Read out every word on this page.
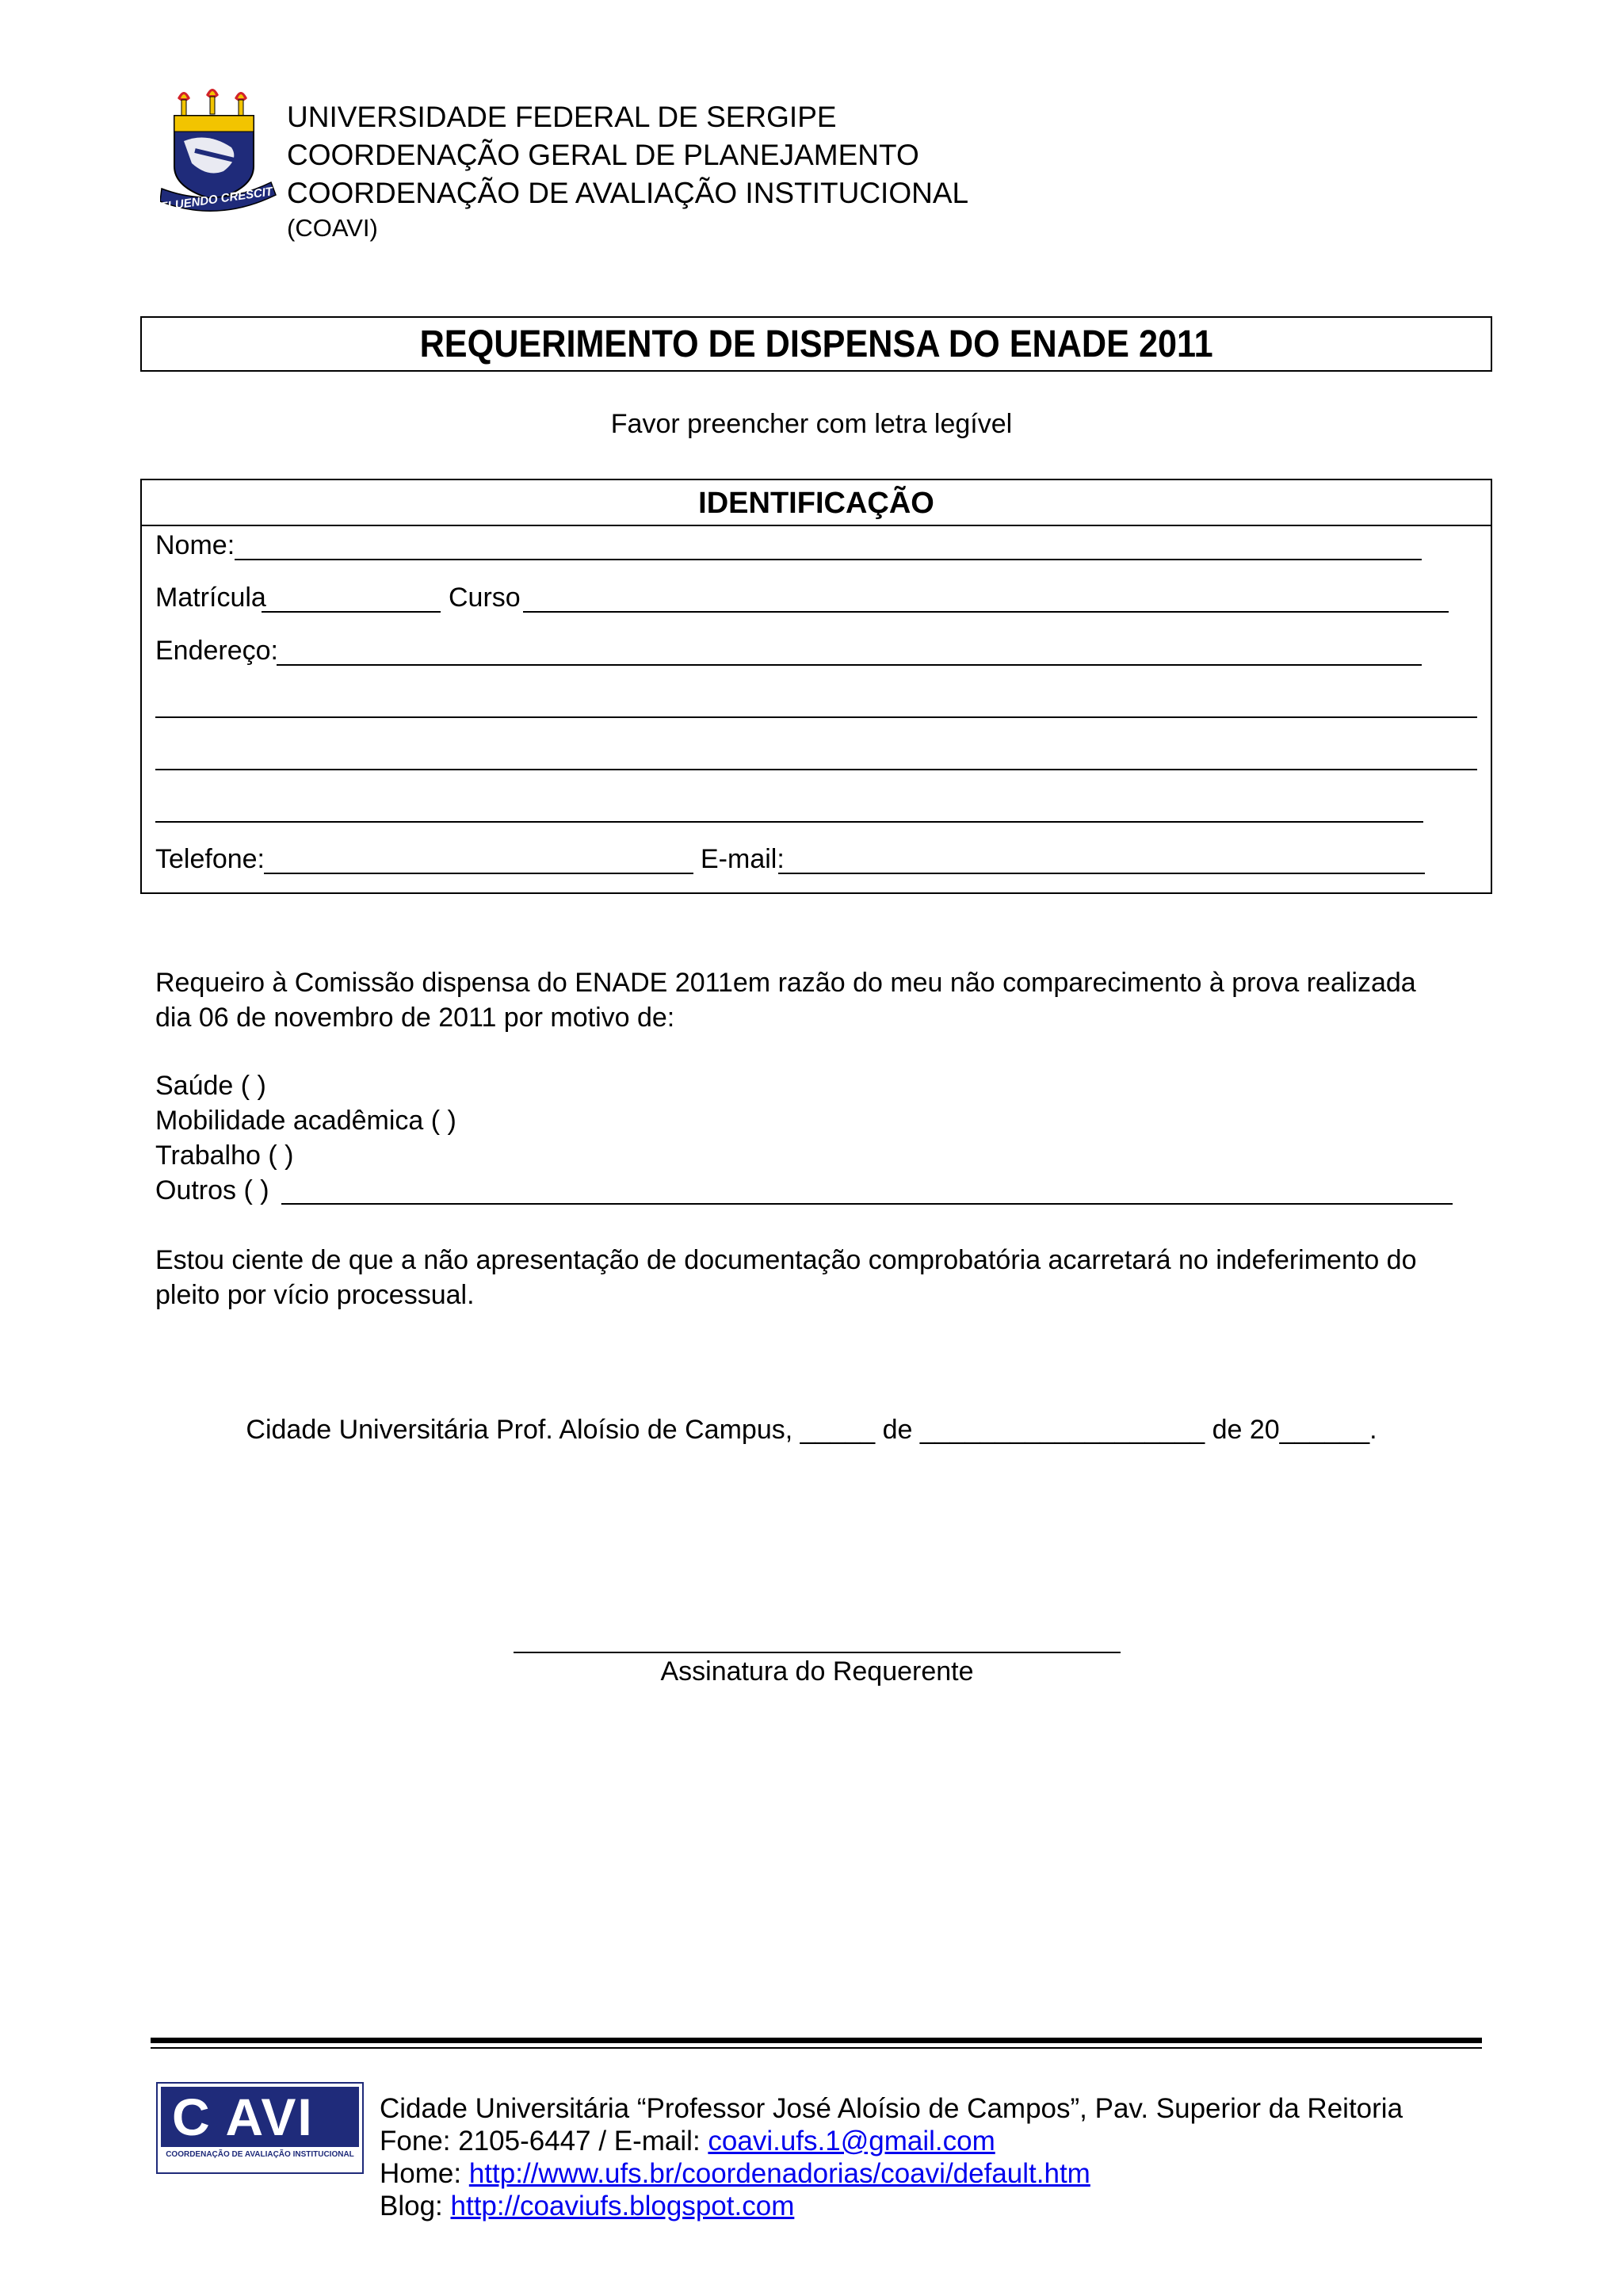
FLUENDO CRESCIT
UNIVERSIDADE FEDERAL DE SERGIPE
COORDENAÇÃO GERAL DE PLANEJAMENTO
COORDENAÇÃO DE AVALIAÇÃO INSTITUCIONAL
(COAVI)
REQUERIMENTO DE DISPENSA DO ENADE 2011
Favor preencher com letra legível
IDENTIFICAÇÃO
Nome:
Matrícula	Curso
Endereço:
Telefone:	E-mail:
Requeiro à Comissão dispensa do ENADE 2011em razão do meu não comparecimento à prova realizada dia 06 de novembro de 2011 por motivo de:
Saúde ( )
Mobilidade acadêmica ( )
Trabalho ( )
Outros ( )
Estou ciente de que a não apresentação de documentação comprobatória acarretará no indeferimento do pleito por vício processual.
Cidade Universitária Prof. Aloísio de Campus, _____ de ___________________ de 20______.
Assinatura do Requerente
C AVI
COORDENAÇÃO DE AVALIAÇÃO INSTITUCIONAL
Cidade Universitária “Professor José Aloísio de Campos”, Pav. Superior da Reitoria
Fone: 2105-6447 / E-mail: coavi.ufs.1@gmail.com
Home: http://www.ufs.br/coordenadorias/coavi/default.htm
Blog: http://coaviufs.blogspot.com
